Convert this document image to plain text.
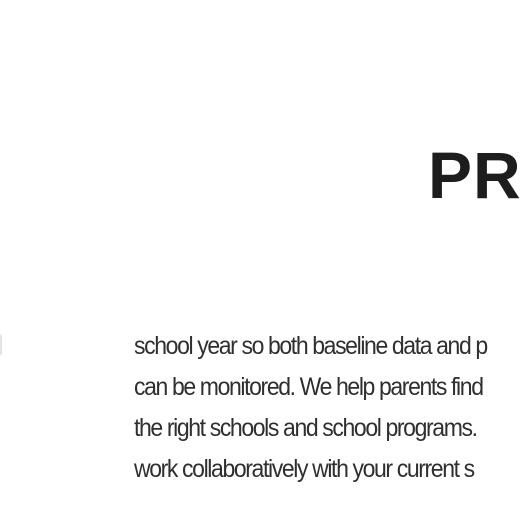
PR

school year so both baseline data and p
can be monitored. We help parents find
the right schools and school programs.
work collaboratively with your current s
